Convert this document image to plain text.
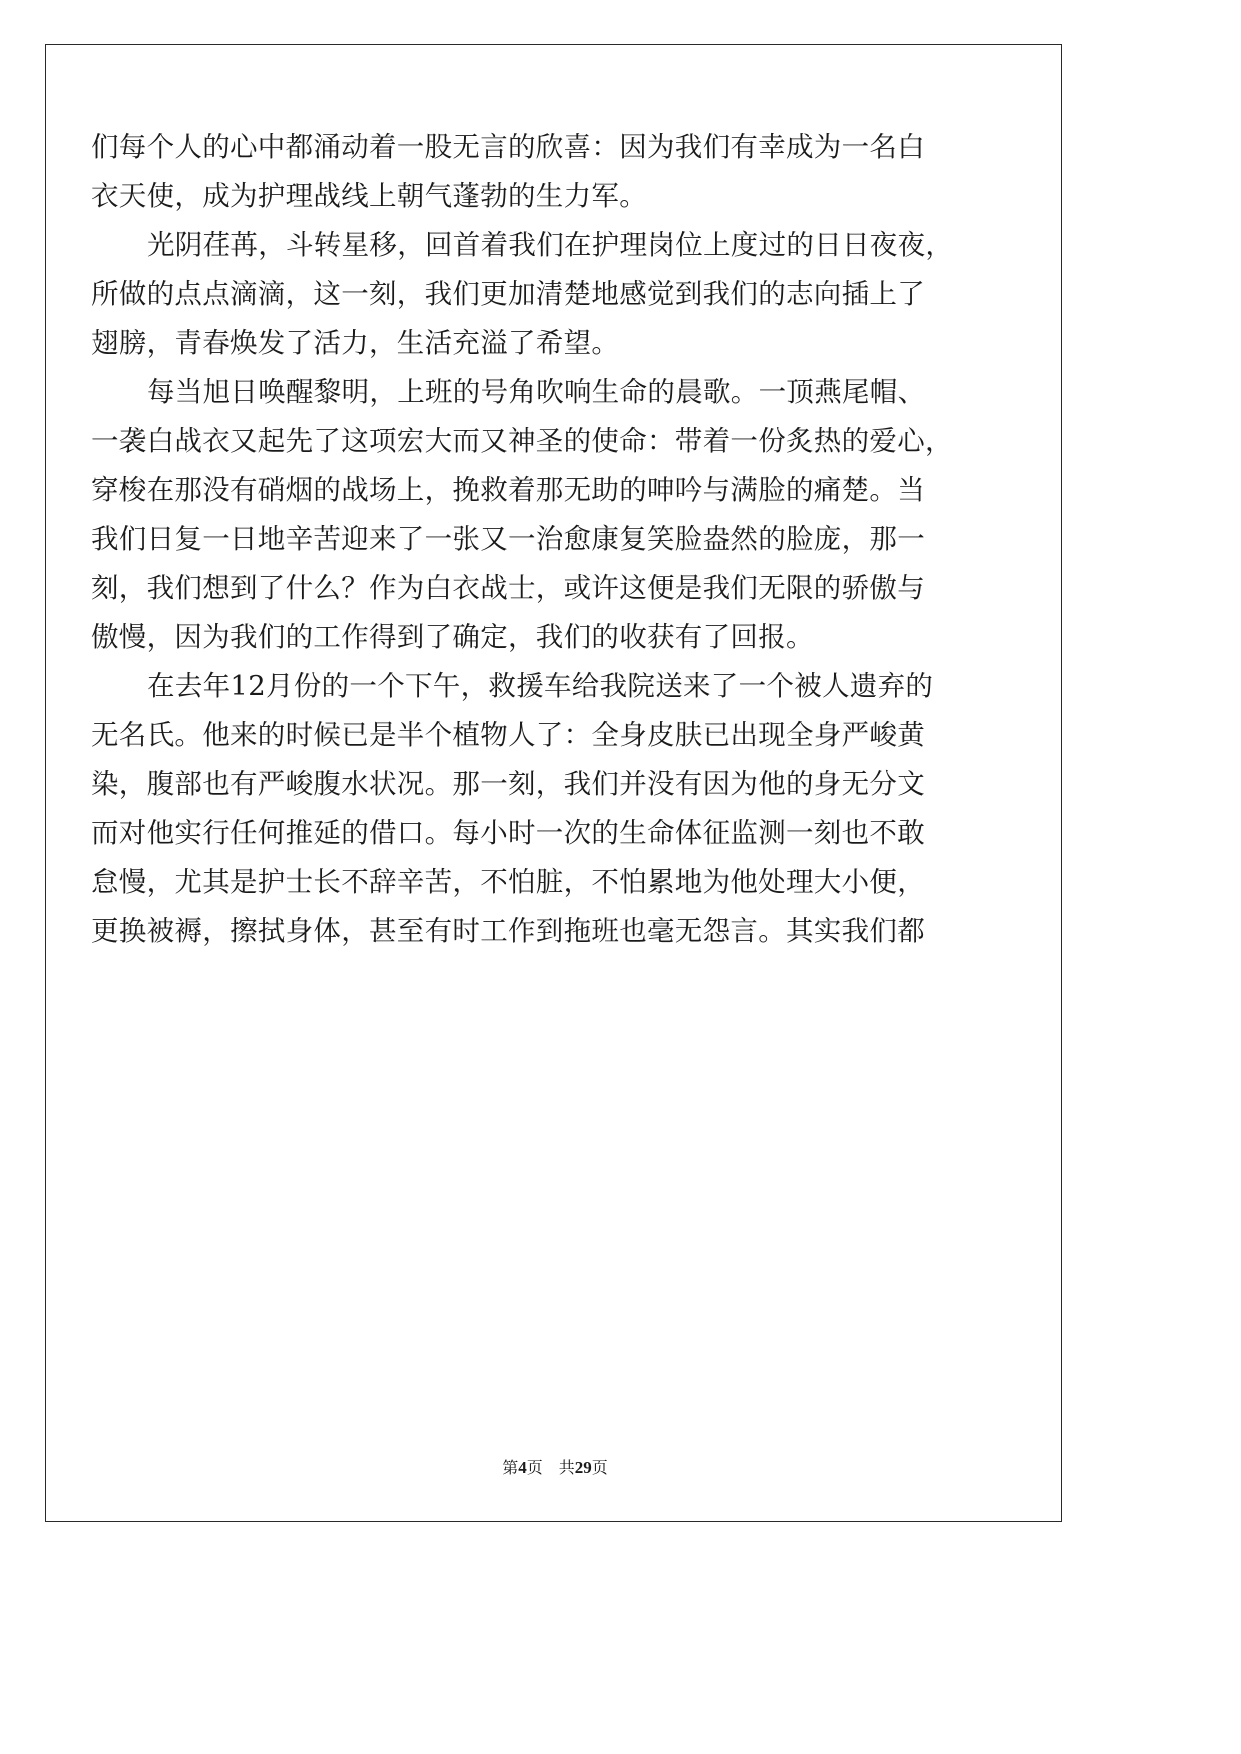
们每个人的心中都涌动着一股无言的欣喜：因为我们有幸成为一名白
衣天使，成为护理战线上朝气蓬勃的生力军。
光阴荏苒，斗转星移，回首着我们在护理岗位上度过的日日夜夜，
所做的点点滴滴，这一刻，我们更加清楚地感觉到我们的志向插上了
翅膀，青春焕发了活力，生活充溢了希望。
每当旭日唤醒黎明，上班的号角吹响生命的晨歌。一顶燕尾帽、
一袭白战衣又起先了这项宏大而又神圣的使命：带着一份炙热的爱心，
穿梭在那没有硝烟的战场上，挽救着那无助的呻吟与满脸的痛楚。当
我们日复一日地辛苦迎来了一张又一治愈康复笑脸盎然的脸庞，那一
刻，我们想到了什么？作为白衣战士，或许这便是我们无限的骄傲与
傲慢，因为我们的工作得到了确定，我们的收获有了回报。
在去年12月份的一个下午，救援车给我院送来了一个被人遗弃的
无名氏。他来的时候已是半个植物人了：全身皮肤已出现全身严峻黄
染，腹部也有严峻腹水状况。那一刻，我们并没有因为他的身无分文
而对他实行任何推延的借口。每小时一次的生命体征监测一刻也不敢
怠慢，尤其是护士长不辞辛苦，不怕脏，不怕累地为他处理大小便，
更换被褥，擦拭身体，甚至有时工作到拖班也毫无怨言。其实我们都
第4页 共29页
